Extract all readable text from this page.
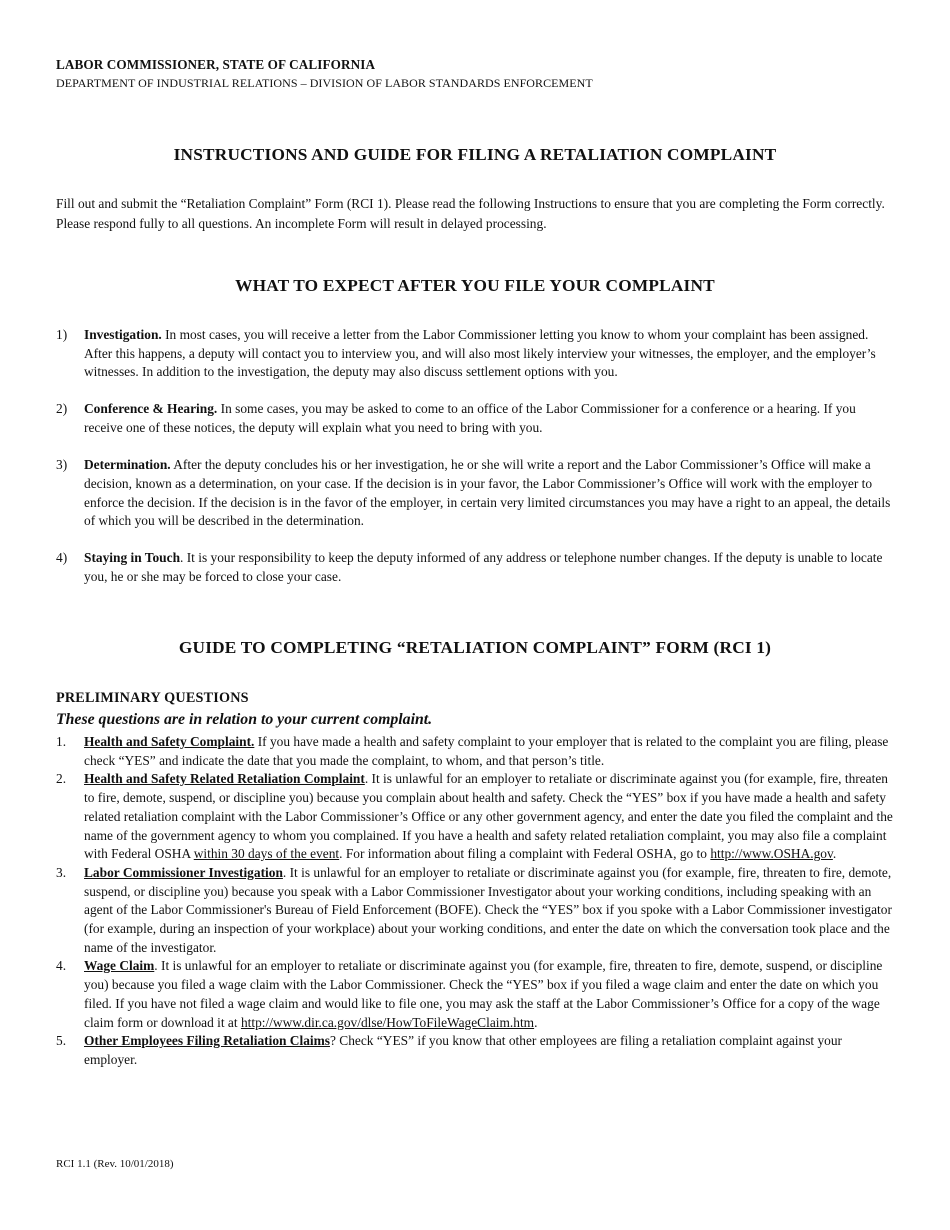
LABOR COMMISSIONER, STATE OF CALIFORNIA
DEPARTMENT OF INDUSTRIAL RELATIONS – DIVISION OF LABOR STANDARDS ENFORCEMENT
INSTRUCTIONS AND GUIDE FOR FILING A RETALIATION COMPLAINT

Fill out and submit the “Retaliation Complaint” Form (RCI 1). Please read the following Instructions to ensure that you are completing the Form correctly. Please respond fully to all questions. An incomplete Form will result in delayed processing.

WHAT TO EXPECT AFTER YOU FILE YOUR COMPLAINT
1) Investigation. In most cases, you will receive a letter from the Labor Commissioner letting you know to whom your complaint has been assigned. After this happens, a deputy will contact you to interview you, and will also most likely interview your witnesses, the employer, and the employer’s witnesses. In addition to the investigation, the deputy may also discuss settlement options with you.
2) Conference & Hearing. In some cases, you may be asked to come to an office of the Labor Commissioner for a conference or a hearing. If you receive one of these notices, the deputy will explain what you need to bring with you.
3) Determination. After the deputy concludes his or her investigation, he or she will write a report and the Labor Commissioner’s Office will make a decision, known as a determination, on your case. If the decision is in your favor, the Labor Commissioner’s Office will work with the employer to enforce the decision. If the decision is in the favor of the employer, in certain very limited circumstances you may have a right to an appeal, the details of which you will be described in the determination.
4) Staying in Touch. It is your responsibility to keep the deputy informed of any address or telephone number changes. If the deputy is unable to locate you, he or she may be forced to close your case.
GUIDE TO COMPLETING “RETALIATION COMPLAINT” FORM (RCI 1)
PRELIMINARY QUESTIONS
These questions are in relation to your current complaint.
1. Health and Safety Complaint. If you have made a health and safety complaint to your employer that is related to the complaint you are filing, please check “YES” and indicate the date that you made the complaint, to whom, and that person’s title.
2. Health and Safety Related Retaliation Complaint. It is unlawful for an employer to retaliate or discriminate against you (for example, fire, threaten to fire, demote, suspend, or discipline you) because you complain about health and safety. Check the “YES” box if you have made a health and safety related retaliation complaint with the Labor Commissioner’s Office or any other government agency, and enter the date you filed the complaint and the name of the government agency to whom you complained. If you have a health and safety related retaliation complaint, you may also file a complaint with Federal OSHA within 30 days of the event. For information about filing a complaint with Federal OSHA, go to http://www.OSHA.gov.
3. Labor Commissioner Investigation. It is unlawful for an employer to retaliate or discriminate against you (for example, fire, threaten to fire, demote, suspend, or discipline you) because you speak with a Labor Commissioner Investigator about your working conditions, including speaking with an agent of the Labor Commissioner's Bureau of Field Enforcement (BOFE). Check the “YES” box if you spoke with a Labor Commissioner investigator (for example, during an inspection of your workplace) about your working conditions, and enter the date on which the conversation took place and the name of the investigator.
4. Wage Claim. It is unlawful for an employer to retaliate or discriminate against you (for example, fire, threaten to fire, demote, suspend, or discipline you) because you filed a wage claim with the Labor Commissioner. Check the “YES” box if you filed a wage claim and enter the date on which you filed. If you have not filed a wage claim and would like to file one, you may ask the staff at the Labor Commissioner’s Office for a copy of the wage claim form or download it at http://www.dir.ca.gov/dlse/HowToFileWageClaim.htm.
5. Other Employees Filing Retaliation Claims? Check “YES” if you know that other employees are filing a retaliation complaint against your employer.
RCI 1.1 (Rev. 10/01/2018)
